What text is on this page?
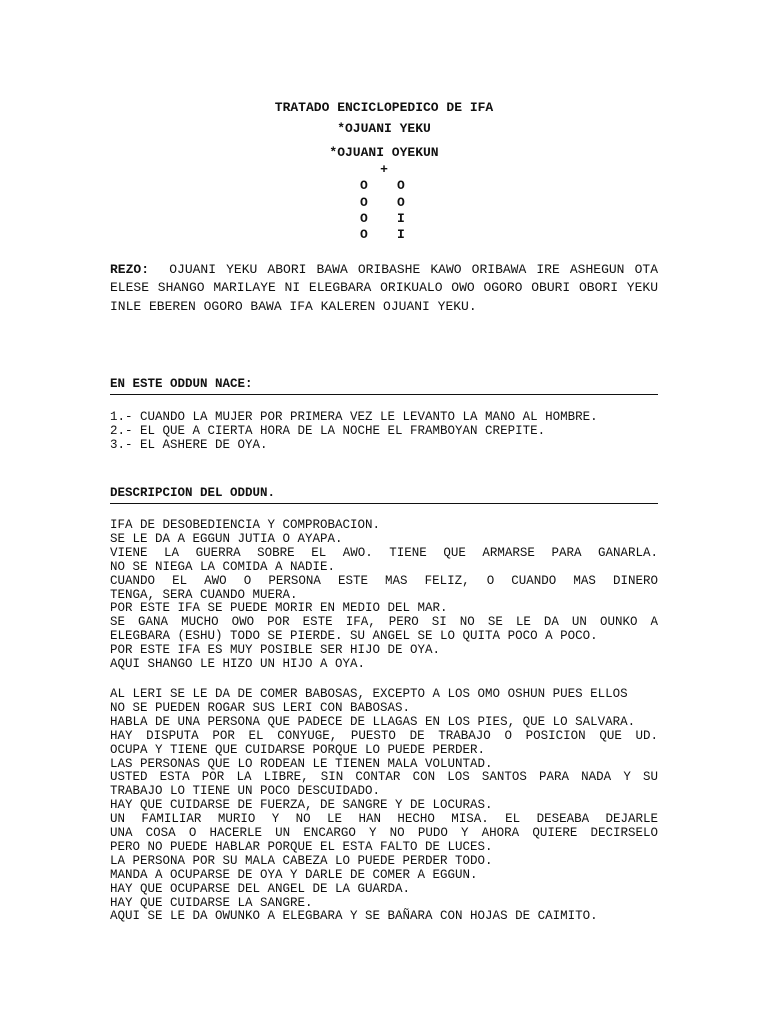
TRATADO ENCICLOPEDICO DE IFA
*OJUANI YEKU
*OJUANI OYEKUN
+
O O
O O
O I
O I
REZO: OJUANI YEKU ABORI BAWA ORIBASHE KAWO ORIBAWA IRE ASHEGUN OTA ELESE SHANGO MARILAYE NI ELEGBARA ORIKUALO OWO OGORO OBURI OBORI YEKU INLE EBEREN OGORO BAWA IFA KALEREN OJUANI YEKU.
EN ESTE ODDUN NACE:
1.- CUANDO LA MUJER POR PRIMERA VEZ LE LEVANTO LA MANO AL HOMBRE.
2.- EL QUE A CIERTA HORA DE LA NOCHE EL FRAMBOYAN CREPITE.
3.- EL ASHERE DE OYA.
DESCRIPCION DEL ODDUN.
IFA DE DESOBEDIENCIA Y COMPROBACION.
SE LE DA A EGGUN JUTIA O AYAPA.
VIENE LA GUERRA SOBRE EL AWO. TIENE QUE ARMARSE PARA GANARLA.
NO SE NIEGA LA COMIDA A NADIE.
CUANDO EL AWO O PERSONA ESTE MAS FELIZ, O CUANDO MAS DINERO
TENGA, SERA CUANDO MUERA.
POR ESTE IFA SE PUEDE MORIR EN MEDIO DEL MAR.
SE GANA MUCHO OWO POR ESTE IFA, PERO SI NO SE LE DA UN OUNKO A
ELEGBARA (ESHU) TODO SE PIERDE. SU ANGEL SE LO QUITA POCO A POCO.
POR ESTE IFA ES MUY POSIBLE SER HIJO DE OYA.
AQUI SHANGO LE HIZO UN HIJO A OYA.
AL LERI SE LE DA DE COMER BABOSAS, EXCEPTO A LOS OMO OSHUN PUES ELLOS
NO SE PUEDEN ROGAR SUS LERI CON BABOSAS.
HABLA DE UNA PERSONA QUE PADECE DE LLAGAS EN LOS PIES, QUE LO SALVARA.
HAY DISPUTA POR EL CONYUGE, PUESTO DE TRABAJO O POSICION QUE UD.
OCUPA Y TIENE QUE CUIDARSE PORQUE LO PUEDE PERDER.
LAS PERSONAS QUE LO RODEAN LE TIENEN MALA VOLUNTAD.
USTED ESTA POR LA LIBRE, SIN CONTAR CON LOS SANTOS PARA NADA Y SU
TRABAJO LO TIENE UN POCO DESCUIDADO.
HAY QUE CUIDARSE DE FUERZA, DE SANGRE Y DE LOCURAS.
UN FAMILIAR MURIO Y NO LE HAN HECHO MISA. EL DESEABA DEJARLE
UNA COSA O HACERLE UN ENCARGO Y NO PUDO Y AHORA QUIERE DECIRSELO
PERO NO PUEDE HABLAR PORQUE EL ESTA FALTO DE LUCES.
LA PERSONA POR SU MALA CABEZA LO PUEDE PERDER TODO.
MANDA A OCUPARSE DE OYA Y DARLE DE COMER A EGGUN.
HAY QUE OCUPARSE DEL ANGEL DE LA GUARDA.
HAY QUE CUIDARSE LA SANGRE.
AQUI SE LE DA OWUNKO A ELEGBARA Y SE BAÑARA CON HOJAS DE CAIMITO.
